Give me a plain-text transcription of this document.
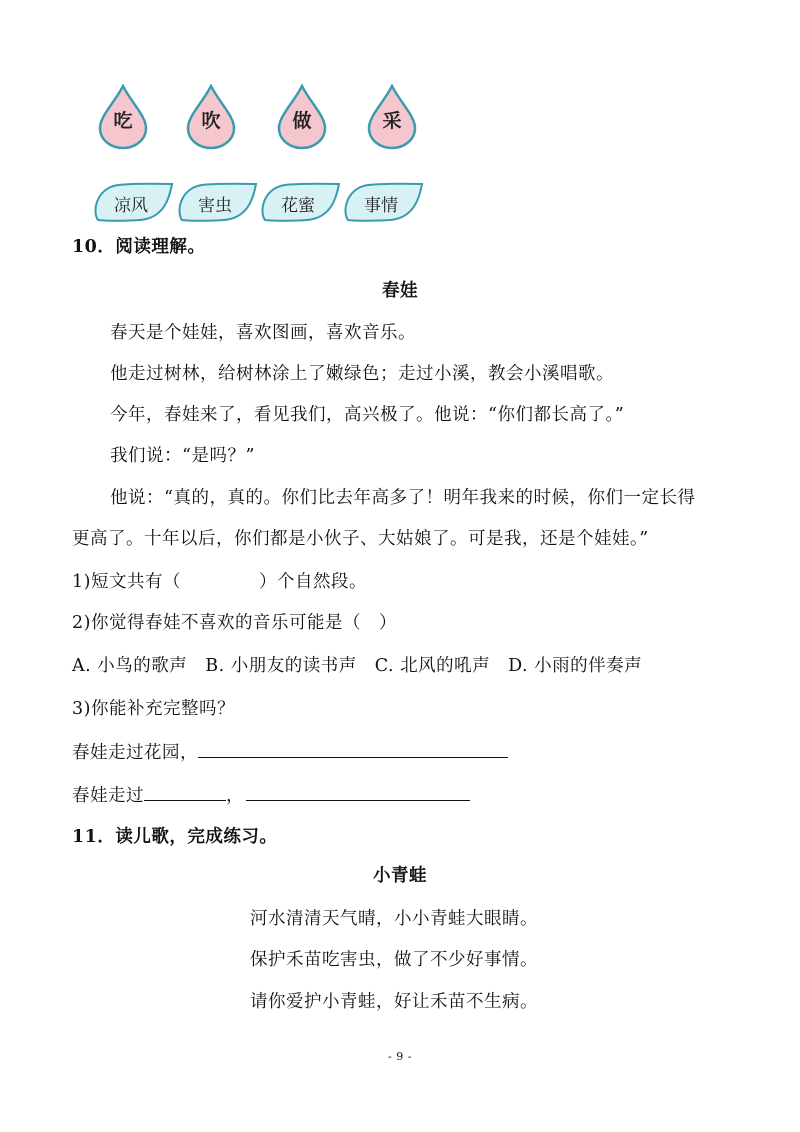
吃	吹	做	采
凉风	害虫	花蜜	事情
10．阅读理解。
春娃
春天是个娃娃，喜欢图画，喜欢音乐。
他走过树林，给树林涂上了嫩绿色；走过小溪，教会小溪唱歌。
今年，春娃来了，看见我们，高兴极了。他说：“你们都长高了。”
我们说：“是吗？”
他说：“真的，真的。你们比去年高多了！明年我来的时候，你们一定长得
更高了。十年以后，你们都是小伙子、大姑娘了。可是我，还是个娃娃。”
1)短文共有（	）个自然段。
2)你觉得春娃不喜欢的音乐可能是（　）
A. 小鸟的歌声　B. 小朋友的读书声　C. 北风的吼声　D. 小雨的伴奏声
3)你能补充完整吗？
春娃走过花园，
春娃走过	，
11．读儿歌，完成练习。
小青蛙
河水清清天气晴，小小青蛙大眼睛。
保护禾苗吃害虫，做了不少好事情。
请你爱护小青蛙，好让禾苗不生病。
- 9 -
